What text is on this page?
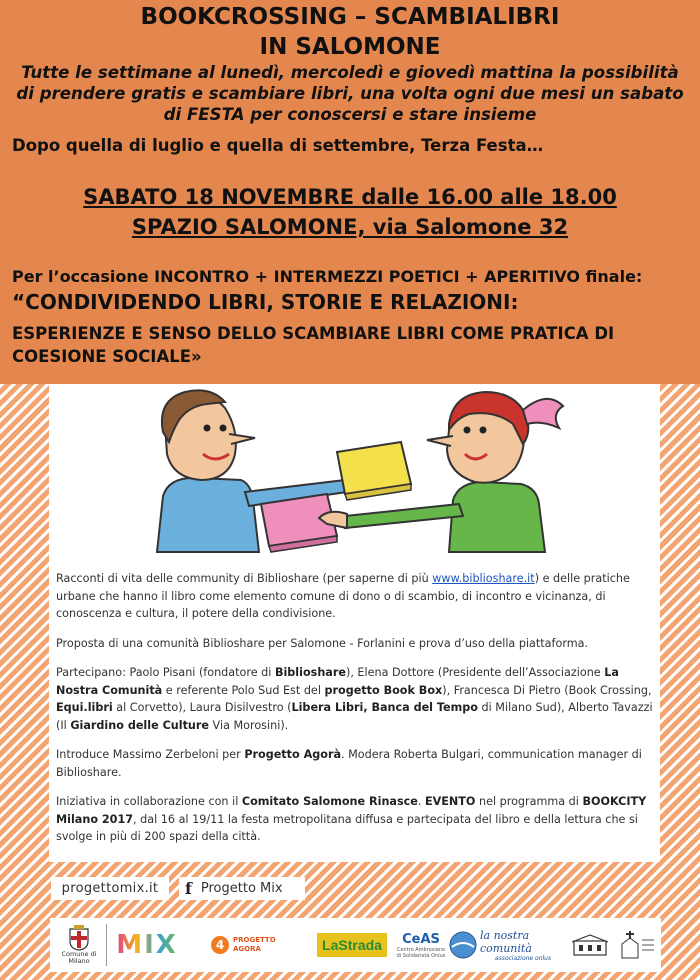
BOOKCROSSING – SCAMBIALIBRI
IN SALOMONE
Tutte le settimane al lunedì, mercoledì e giovedì mattina la possibilità
di prendere gratis e scambiare libri, una volta ogni due mesi un sabato
di FESTA per conoscersi e stare insieme
Dopo quella di luglio e quella di settembre, Terza Festa…
SABATO 18 NOVEMBRE dalle 16.00 alle 18.00
SPAZIO SALOMONE, via Salomone 32
Per l’occasione INCONTRO + INTERMEZZI POETICI + APERITIVO finale:
“CONDIVIDENDO LIBRI, STORIE E RELAZIONI:
ESPERIENZE E SENSO DELLO SCAMBIARE LIBRI COME PRATICA DI
COESIONE SOCIALE»

Racconti di vita delle community di Biblioshare (per saperne di più www.biblioshare.it) e delle pratiche urbane che hanno il libro come elemento comune di dono o di scambio, di incontro e vicinanza, di conoscenza e cultura, il potere della condivisione.

Proposta di una comunità Biblioshare per Salomone - Forlanini e prova d’uso della piattaforma.

Partecipano: Paolo Pisani (fondatore di Biblioshare), Elena Dottore (Presidente dell’Associazione La Nostra Comunità e referente Polo Sud Est del progetto Book Box), Francesca Di Pietro (Book Crossing, Equi.libri al Corvetto), Laura Disilvestro (Libera Libri, Banca del Tempo di Milano Sud), Alberto Tavazzi (Il Giardino delle Culture Via Morosini).

Introduce Massimo Zerbeloni per Progetto Agorà. Modera Roberta Bulgari, communication manager di Biblioshare.

Iniziativa in collaborazione con il Comitato Salomone Rinasce. EVENTO nel programma di BOOKCITY Milano 2017, dal 16 al 19/11 la festa metropolitana diffusa e partecipata del libro e della lettura che si svolge in più di 200 spazi della città.

progettomix.it	f Progetto Mix
Comune di Milano
MIX	4	PROGETTO AGORÀ	LaStrada	CeAS
Centro Ambrosiano di Solidarietà Onlus
la nostra comunità
associazione onlus
